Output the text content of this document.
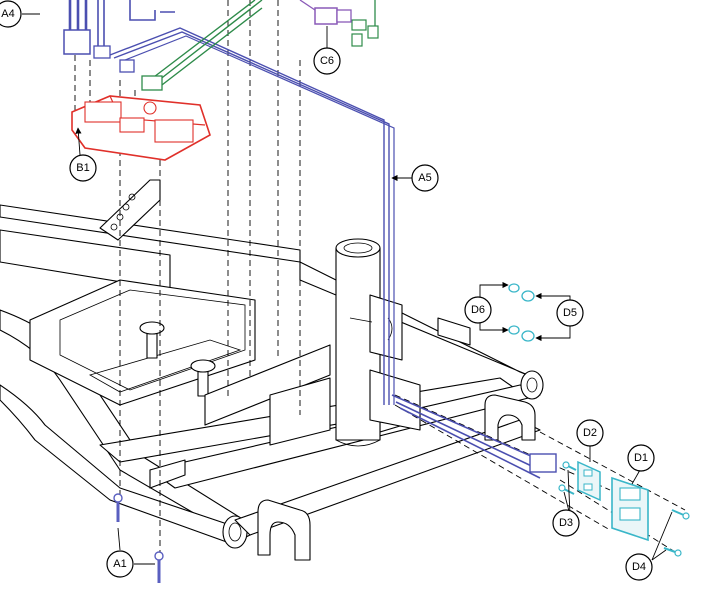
A4
C6
B1
A5
D6	D5
D2
D1
D3
D4
A1
